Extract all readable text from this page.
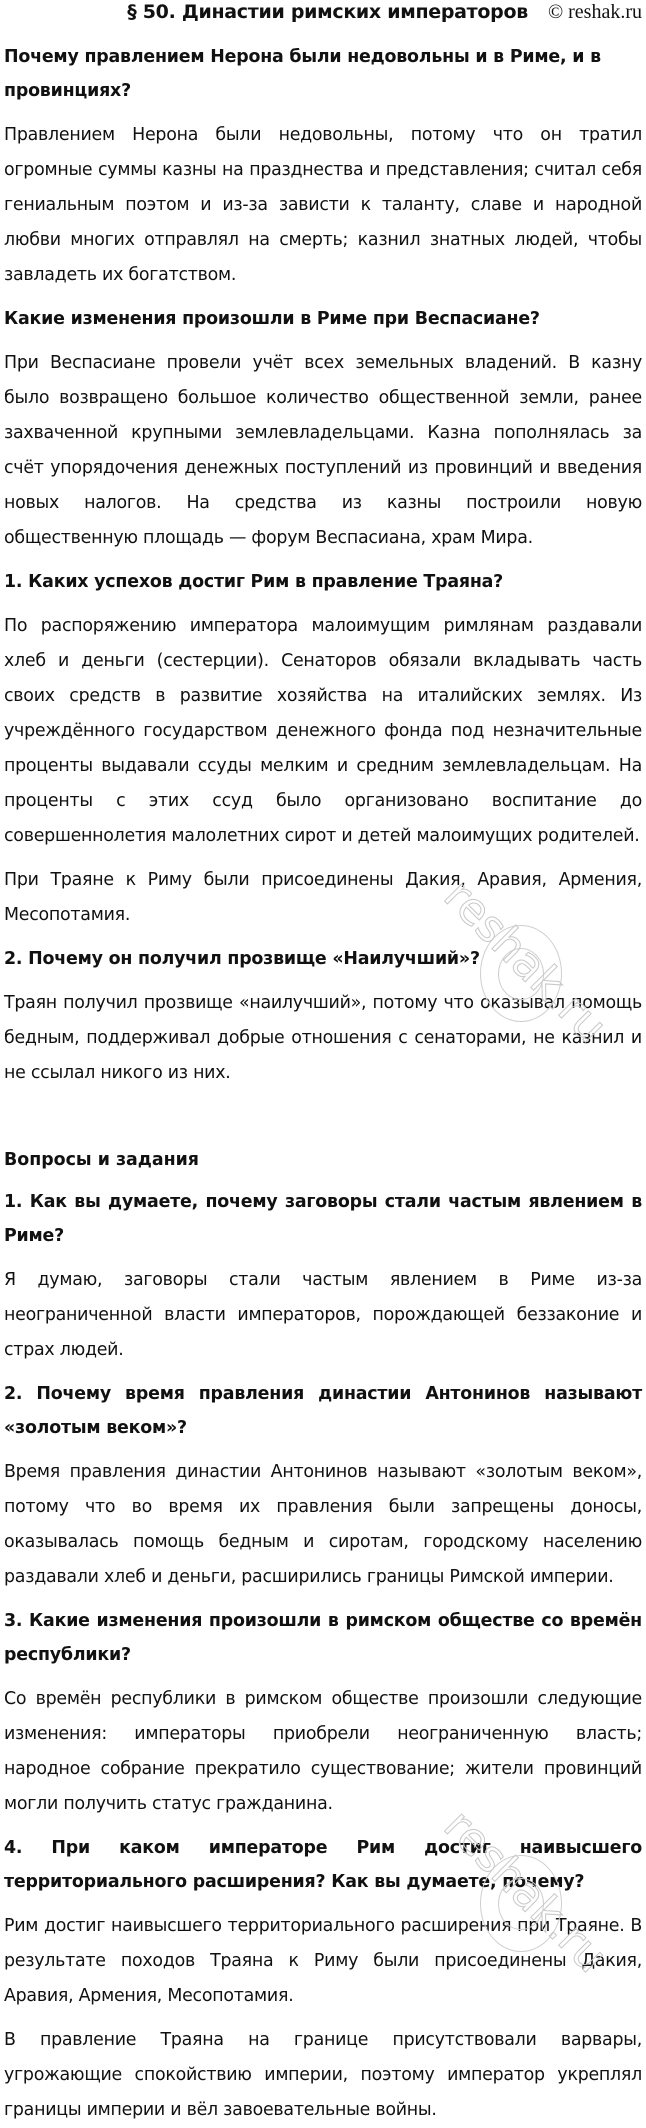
§ 50. Династии римских императоров © reshak.ru
Почему правлением Нерона были недовольны и в Риме, и в провинциях?

Правлением Нерона были недовольны, потому что он тратил огромные суммы казны на празднества и представления; считал себя гениальным поэтом и из-за зависти к таланту, славе и народной любви многих отправлял на смерть; казнил знатных людей, чтобы завладеть их богатством.

Какие изменения произошли в Риме при Веспасиане?

При Веспасиане провели учёт всех земельных владений. В казну было возвращено большое количество общественной земли, ранее захваченной крупными землевладельцами. Казна пополнялась за счёт упорядочения денежных поступлений из провинций и введения новых налогов. На средства из казны построили новую общественную площадь — форум Веспасиана, храм Мира.

1. Каких успехов достиг Рим в правление Траяна?

По распоряжению императора малоимущим римлянам раздавали хлеб и деньги (сестерции). Сенаторов обязали вкладывать часть своих средств в развитие хозяйства на италийских землях. Из учреждённого государством денежного фонда под незначительные проценты выдавали ссуды мелким и средним землевладельцам. На проценты с этих ссуд было организовано воспитание до совершеннолетия малолетних сирот и детей малоимущих родителей.

При Траяне к Риму были присоединены Дакия, Аравия, Армения, Месопотамия.

2. Почему он получил прозвище «Наилучший»?

Траян получил прозвище «наилучший», потому что оказывал помощь бедным, поддерживал добрые отношения с сенаторами, не казнил и не ссылал никого из них.

Вопросы и задания
1. Как вы думаете, почему заговоры стали частым явлением в Риме?

Я думаю, заговоры стали частым явлением в Риме из-за неограниченной власти императоров, порождающей беззаконие и страх людей.

2. Почему время правления династии Антонинов называют «золотым веком»?

Время правления династии Антонинов называют «золотым веком», потому что во время их правления были запрещены доносы, оказывалась помощь бедным и сиротам, городскому населению раздавали хлеб и деньги, расширились границы Римской империи.

3. Какие изменения произошли в римском обществе со времён республики?

Со времён республики в римском обществе произошли следующие изменения: императоры приобрели неограниченную власть; народное собрание прекратило существование; жители провинций могли получить статус гражданина.

4. При каком императоре Рим достиг наивысшего территориального расширения? Как вы думаете, почему?

Рим достиг наивысшего территориального расширения при Траяне. В результате походов Траяна к Риму были присоединены Дакия, Аравия, Армения, Месопотамия.

В правление Траяна на границе присутствовали варвары, угрожающие спокойствию империи, поэтому император укреплял границы империи и вёл завоевательные войны.

reshak.ru
reshak.ru
